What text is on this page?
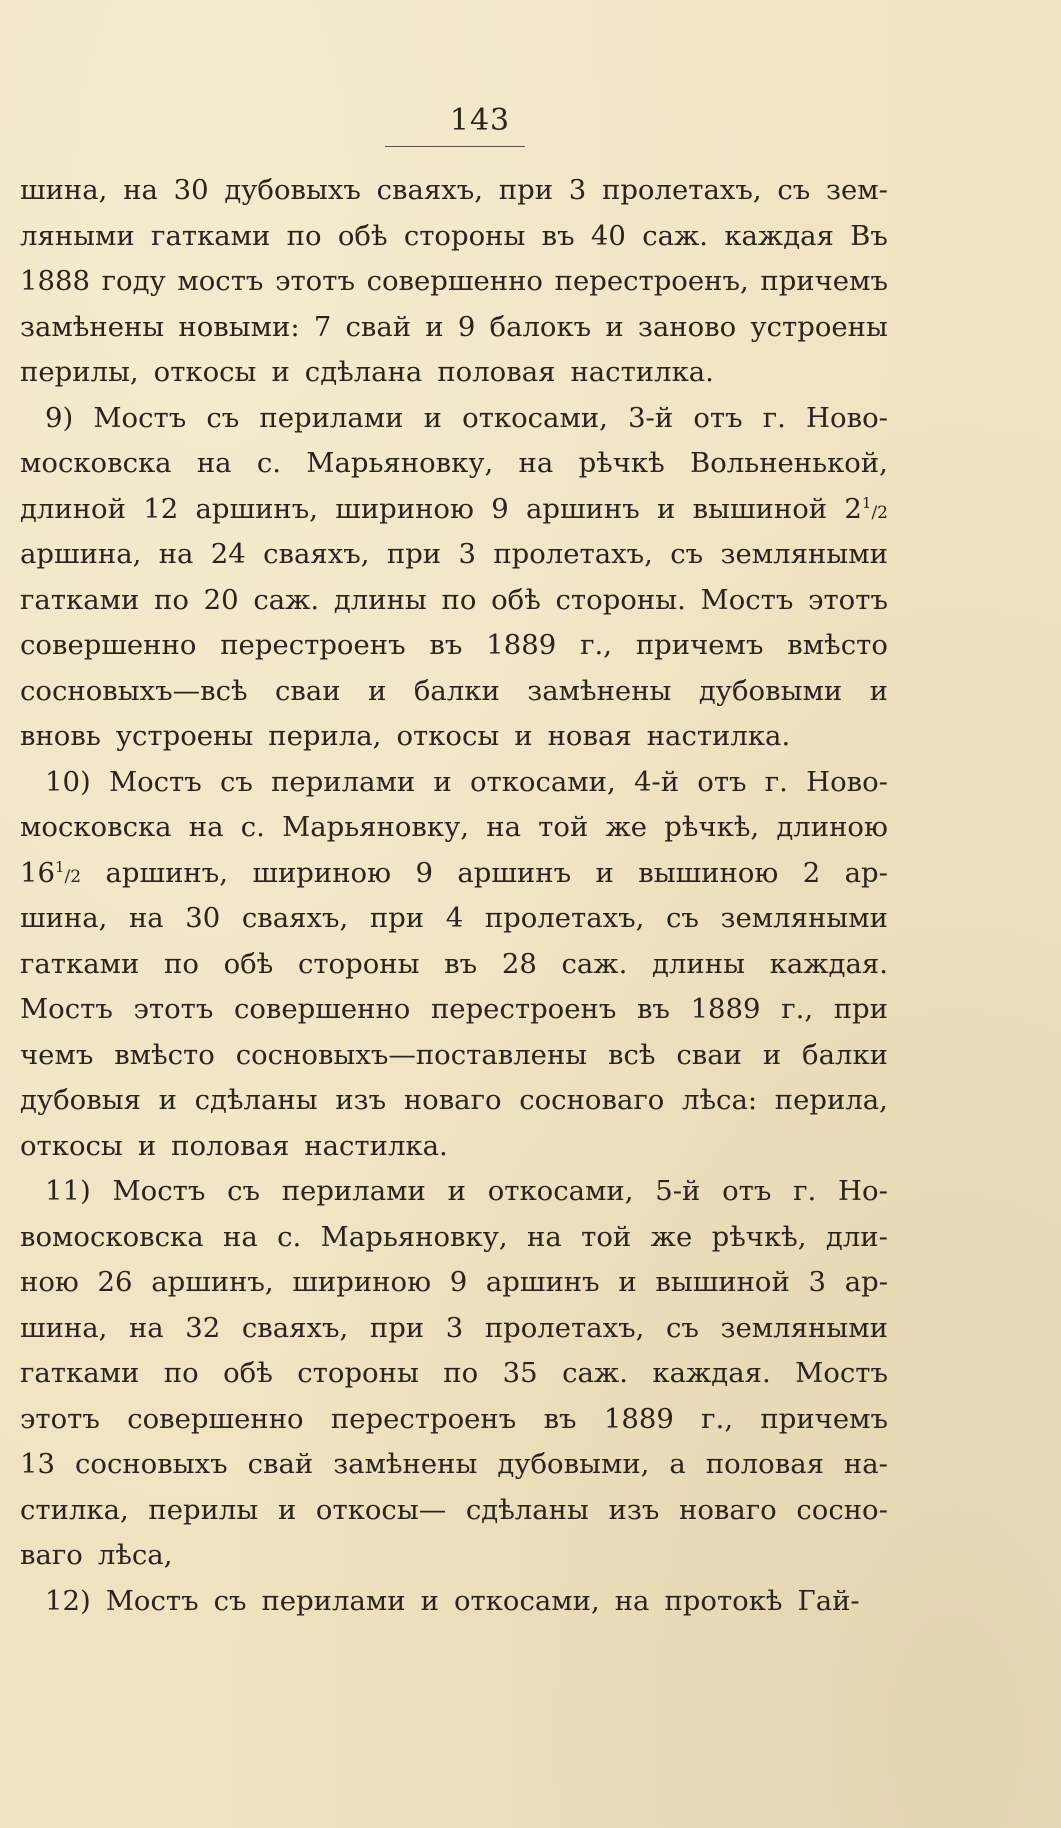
143
шина, на 30 дубовыхъ сваяхъ, при 3 пролетахъ, съ зем-
ляными гатками по обѣ стороны въ 40 саж. каждая Въ
1888 году мостъ этотъ совершенно перестроенъ, причемъ
замѣнены новыми: 7 свай и 9 балокъ и заново устроены
перилы, откосы и сдѣлана половая настилка.
9) Мостъ съ перилами и откосами, 3-й отъ г. Ново-
московска на с. Марьяновку, на рѣчкѣ Вольненькой,
длиной 12 аршинъ, шириною 9 аршинъ и вышиной $2^1/2$
аршина, на 24 сваяхъ, при 3 пролетахъ, съ земляными
гатками по 20 саж. длины по обѣ стороны. Мостъ этотъ
совершенно перестроенъ въ 1889 г., причемъ вмѣсто
сосновыхъ—всѣ сваи и балки замѣнены дубовыми и
вновь устроены перила, откосы и новая настилка.
10) Мостъ съ перилами и откосами, 4-й отъ г. Ново-
московска на с. Марьяновку, на той же рѣчкѣ, длиною
$16^1/2$ аршинъ, шириною 9 аршинъ и вышиною 2 ар-
шина, на 30 сваяхъ, при 4 пролетахъ, съ земляными
гатками по обѣ стороны въ 28 саж. длины каждая.
Мостъ этотъ совершенно перестроенъ въ 1889 г., при
чемъ вмѣсто сосновыхъ—поставлены всѣ сваи и балки
дубовыя и сдѣланы изъ новаго сосноваго лѣса: перила,
откосы и половая настилка.
11) Мостъ съ перилами и откосами, 5-й отъ г. Но-
вомосковска на с. Марьяновку, на той же рѣчкѣ, дли-
ною 26 аршинъ, шириною 9 аршинъ и вышиной 3 ар-
шина, на 32 сваяхъ, при 3 пролетахъ, съ земляными
гатками по обѣ стороны по 35 саж. каждая. Мостъ
этотъ совершенно перестроенъ въ 1889 г., причемъ
13 сосновыхъ свай замѣнены дубовыми, а половая на-
стилка, перилы и откосы— сдѣланы изъ новаго сосно-
ваго лѣса,
12) Мостъ съ перилами и откосами, на протокѣ Гай-
